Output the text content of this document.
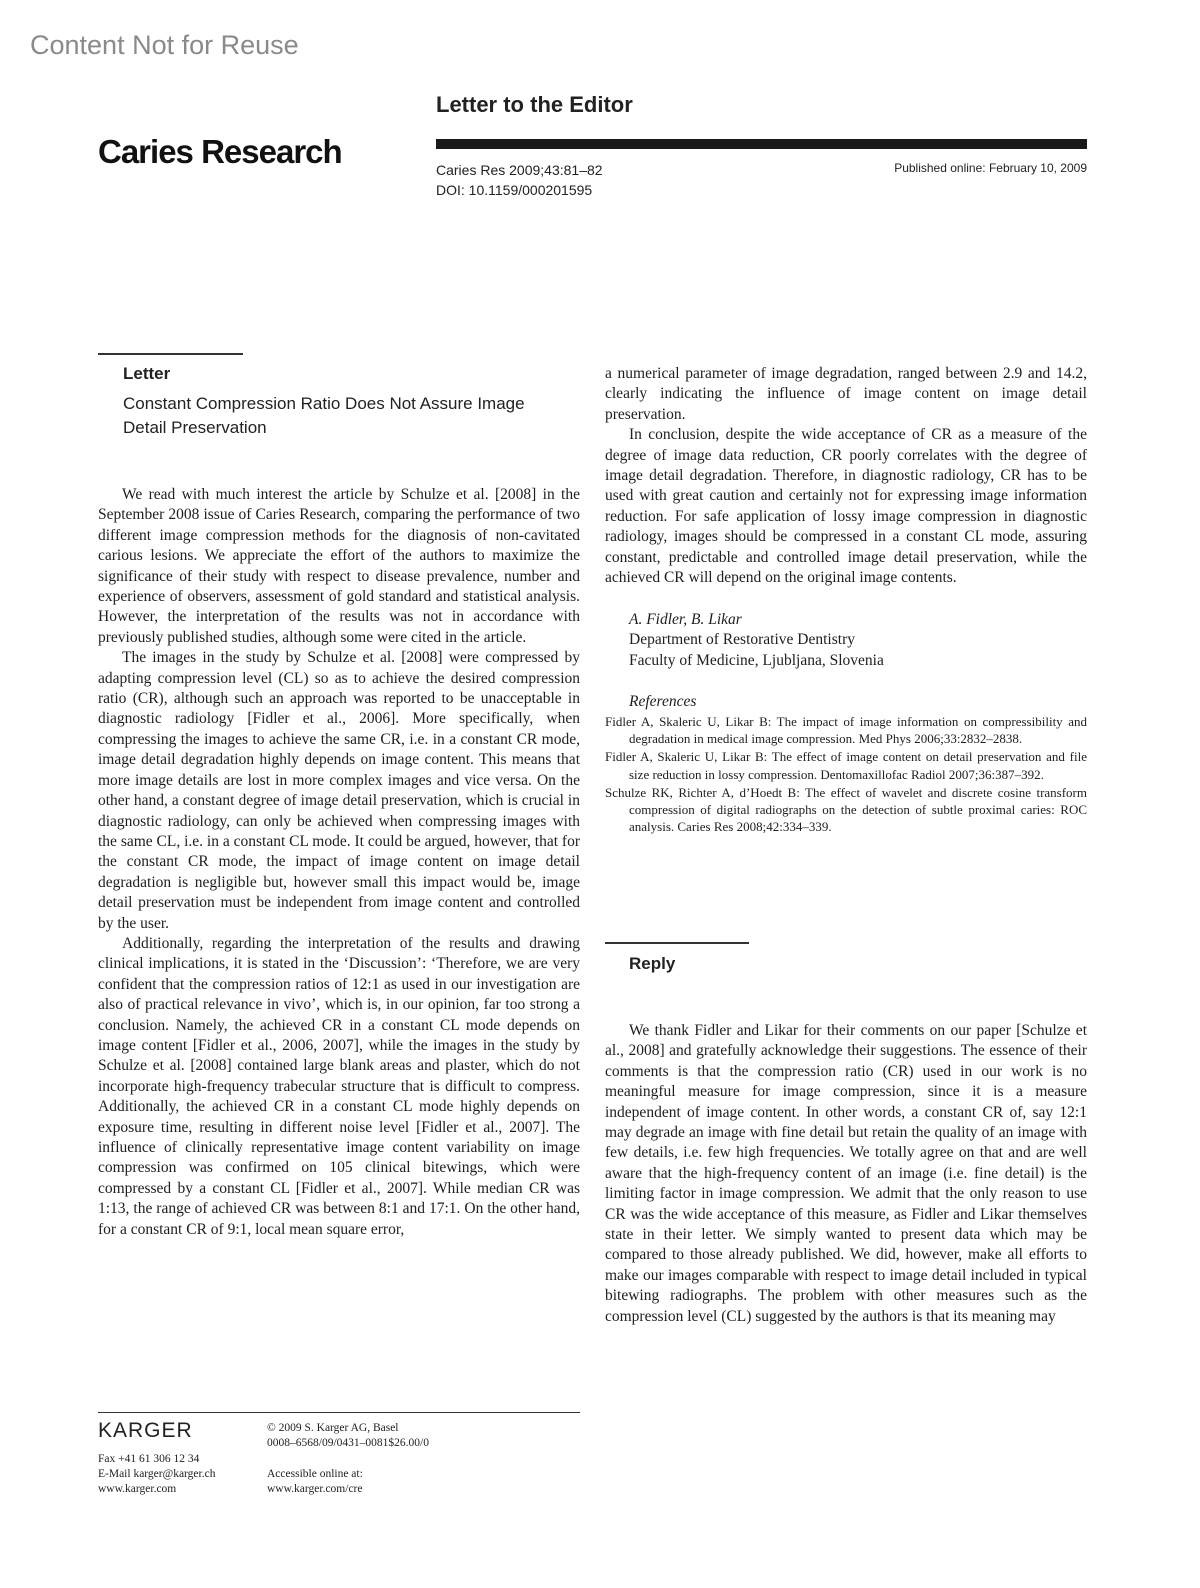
Content Not for Reuse
Caries Research
Letter to the Editor
Caries Res 2009;43:81–82
DOI: 10.1159/000201595
Published online: February 10, 2009
Letter
Constant Compression Ratio Does Not Assure Image Detail Preservation

We read with much interest the article by Schulze et al. [2008] in the September 2008 issue of Caries Research, comparing the performance of two different image compression methods for the diagnosis of non-cavitated carious lesions. We appreciate the effort of the authors to maximize the significance of their study with respect to disease prevalence, number and experience of observers, assessment of gold standard and statistical analysis. However, the interpretation of the results was not in accordance with previously published studies, although some were cited in the article.

The images in the study by Schulze et al. [2008] were compressed by adapting compression level (CL) so as to achieve the desired compression ratio (CR), although such an approach was reported to be unacceptable in diagnostic radiology [Fidler et al., 2006]. More specifically, when compressing the images to achieve the same CR, i.e. in a constant CR mode, image detail degradation highly depends on image content. This means that more image details are lost in more complex images and vice versa. On the other hand, a constant degree of image detail preservation, which is crucial in diagnostic radiology, can only be achieved when compressing images with the same CL, i.e. in a constant CL mode. It could be argued, however, that for the constant CR mode, the impact of image content on image detail degradation is negligible but, however small this impact would be, image detail preservation must be independent from image content and controlled by the user.

Additionally, regarding the interpretation of the results and drawing clinical implications, it is stated in the ‘Discussion’: ‘Therefore, we are very confident that the compression ratios of 12:1 as used in our investigation are also of practical relevance in vivo’, which is, in our opinion, far too strong a conclusion. Namely, the achieved CR in a constant CL mode depends on image content [Fidler et al., 2006, 2007], while the images in the study by Schulze et al. [2008] contained large blank areas and plaster, which do not incorporate high-frequency trabecular structure that is difficult to compress. Additionally, the achieved CR in a constant CL mode highly depends on exposure time, resulting in different noise level [Fidler et al., 2007]. The influence of clinically representative image content variability on image compression was confirmed on 105 clinical bitewings, which were compressed by a constant CL [Fidler et al., 2007]. While median CR was 1:13, the range of achieved CR was between 8:1 and 17:1. On the other hand, for a constant CR of 9:1, local mean square error,

a numerical parameter of image degradation, ranged between 2.9 and 14.2, clearly indicating the influence of image content on image detail preservation.

In conclusion, despite the wide acceptance of CR as a measure of the degree of image data reduction, CR poorly correlates with the degree of image detail degradation. Therefore, in diagnostic radiology, CR has to be used with great caution and certainly not for expressing image information reduction. For safe application of lossy image compression in diagnostic radiology, images should be compressed in a constant CL mode, assuring constant, predictable and controlled image detail preservation, while the achieved CR will depend on the original image contents.

A. Fidler, B. Likar
Department of Restorative Dentistry
Faculty of Medicine, Ljubljana, Slovenia
References
Fidler A, Skaleric U, Likar B: The impact of image information on compressibility and degradation in medical image compression. Med Phys 2006;33:2832–2838.
Fidler A, Skaleric U, Likar B: The effect of image content on detail preservation and file size reduction in lossy compression. Dentomaxillofac Radiol 2007;36:387–392.
Schulze RK, Richter A, d’Hoedt B: The effect of wavelet and discrete cosine transform compression of digital radiographs on the detection of subtle proximal caries: ROC analysis. Caries Res 2008;42:334–339.
Reply

We thank Fidler and Likar for their comments on our paper [Schulze et al., 2008] and gratefully acknowledge their suggestions. The essence of their comments is that the compression ratio (CR) used in our work is no meaningful measure for image compression, since it is a measure independent of image content. In other words, a constant CR of, say 12:1 may degrade an image with fine detail but retain the quality of an image with few details, i.e. few high frequencies. We totally agree on that and are well aware that the high-frequency content of an image (i.e. fine detail) is the limiting factor in image compression. We admit that the only reason to use CR was the wide acceptance of this measure, as Fidler and Likar themselves state in their letter. We simply wanted to present data which may be compared to those already published. We did, however, make all efforts to make our images comparable with respect to image detail included in typical bitewing radiographs. The problem with other measures such as the compression level (CL) suggested by the authors is that its meaning may

KARGER
Fax +41 61 306 12 34
E-Mail karger@karger.ch
www.karger.com
© 2009 S. Karger AG, Basel
0008–6568/09/0431–0081$26.00/0
Accessible online at:
www.karger.com/cre
